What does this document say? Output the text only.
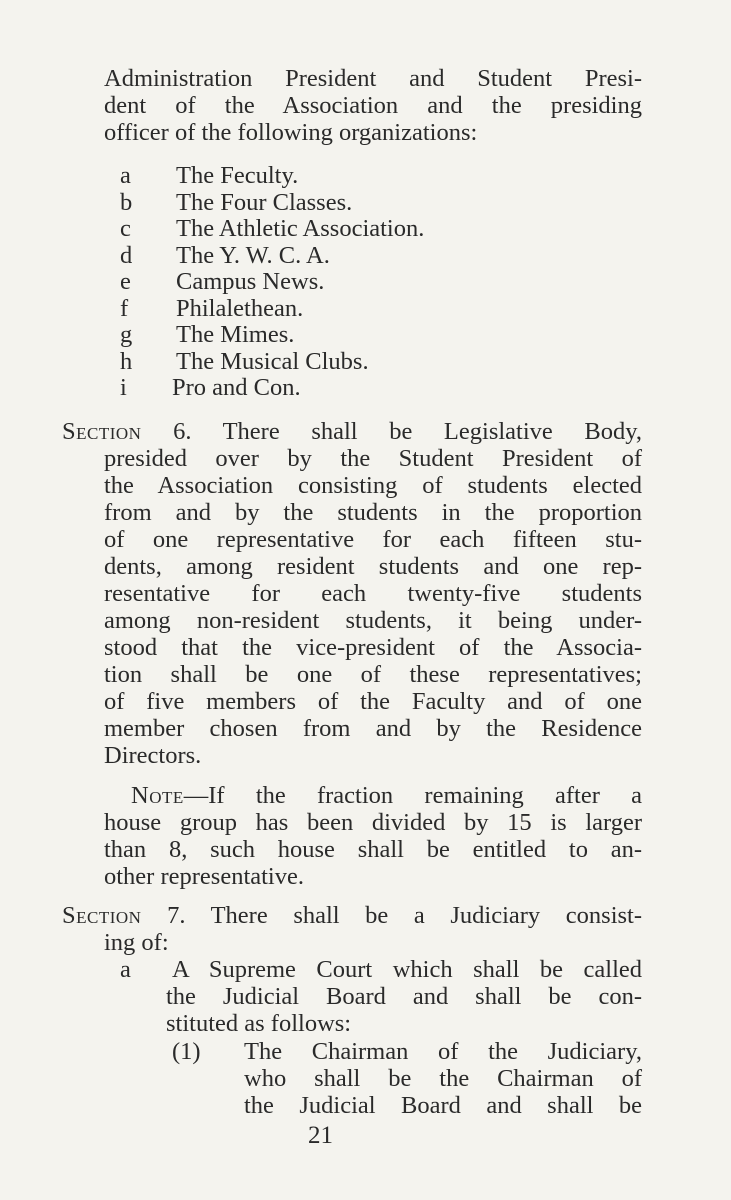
Administration President and Student Presi-
dent of the Association and the presiding
officer of the following organizations:
a	The Feculty.
b	The Four Classes.
c	The Athletic Association.
d	The Y. W. C. A.
e	Campus News.
f	Philalethean.
g	The Mimes.
h	The Musical Clubs.
i	Pro and Con.
Section 6. There shall be Legislative Body,
presided over by the Student President of
the Association consisting of students elected
from and by the students in the proportion
of one representative for each fifteen stu-
dents, among resident students and one rep-
resentative for each twenty-five students
among non-resident students, it being under-
stood that the vice-president of the Associa-
tion shall be one of these representatives;
of five members of the Faculty and of one
member chosen from and by the Residence
Directors.
Note—If the fraction remaining after a
house group has been divided by 15 is larger
than 8, such house shall be entitled to an-
other representative.
Section 7. There shall be a Judiciary consist-
ing of:
a A Supreme Court which shall be called
the Judicial Board and shall be con-
stituted as follows:
(1) The Chairman of the Judiciary,
who shall be the Chairman of
the Judicial Board and shall be
21
